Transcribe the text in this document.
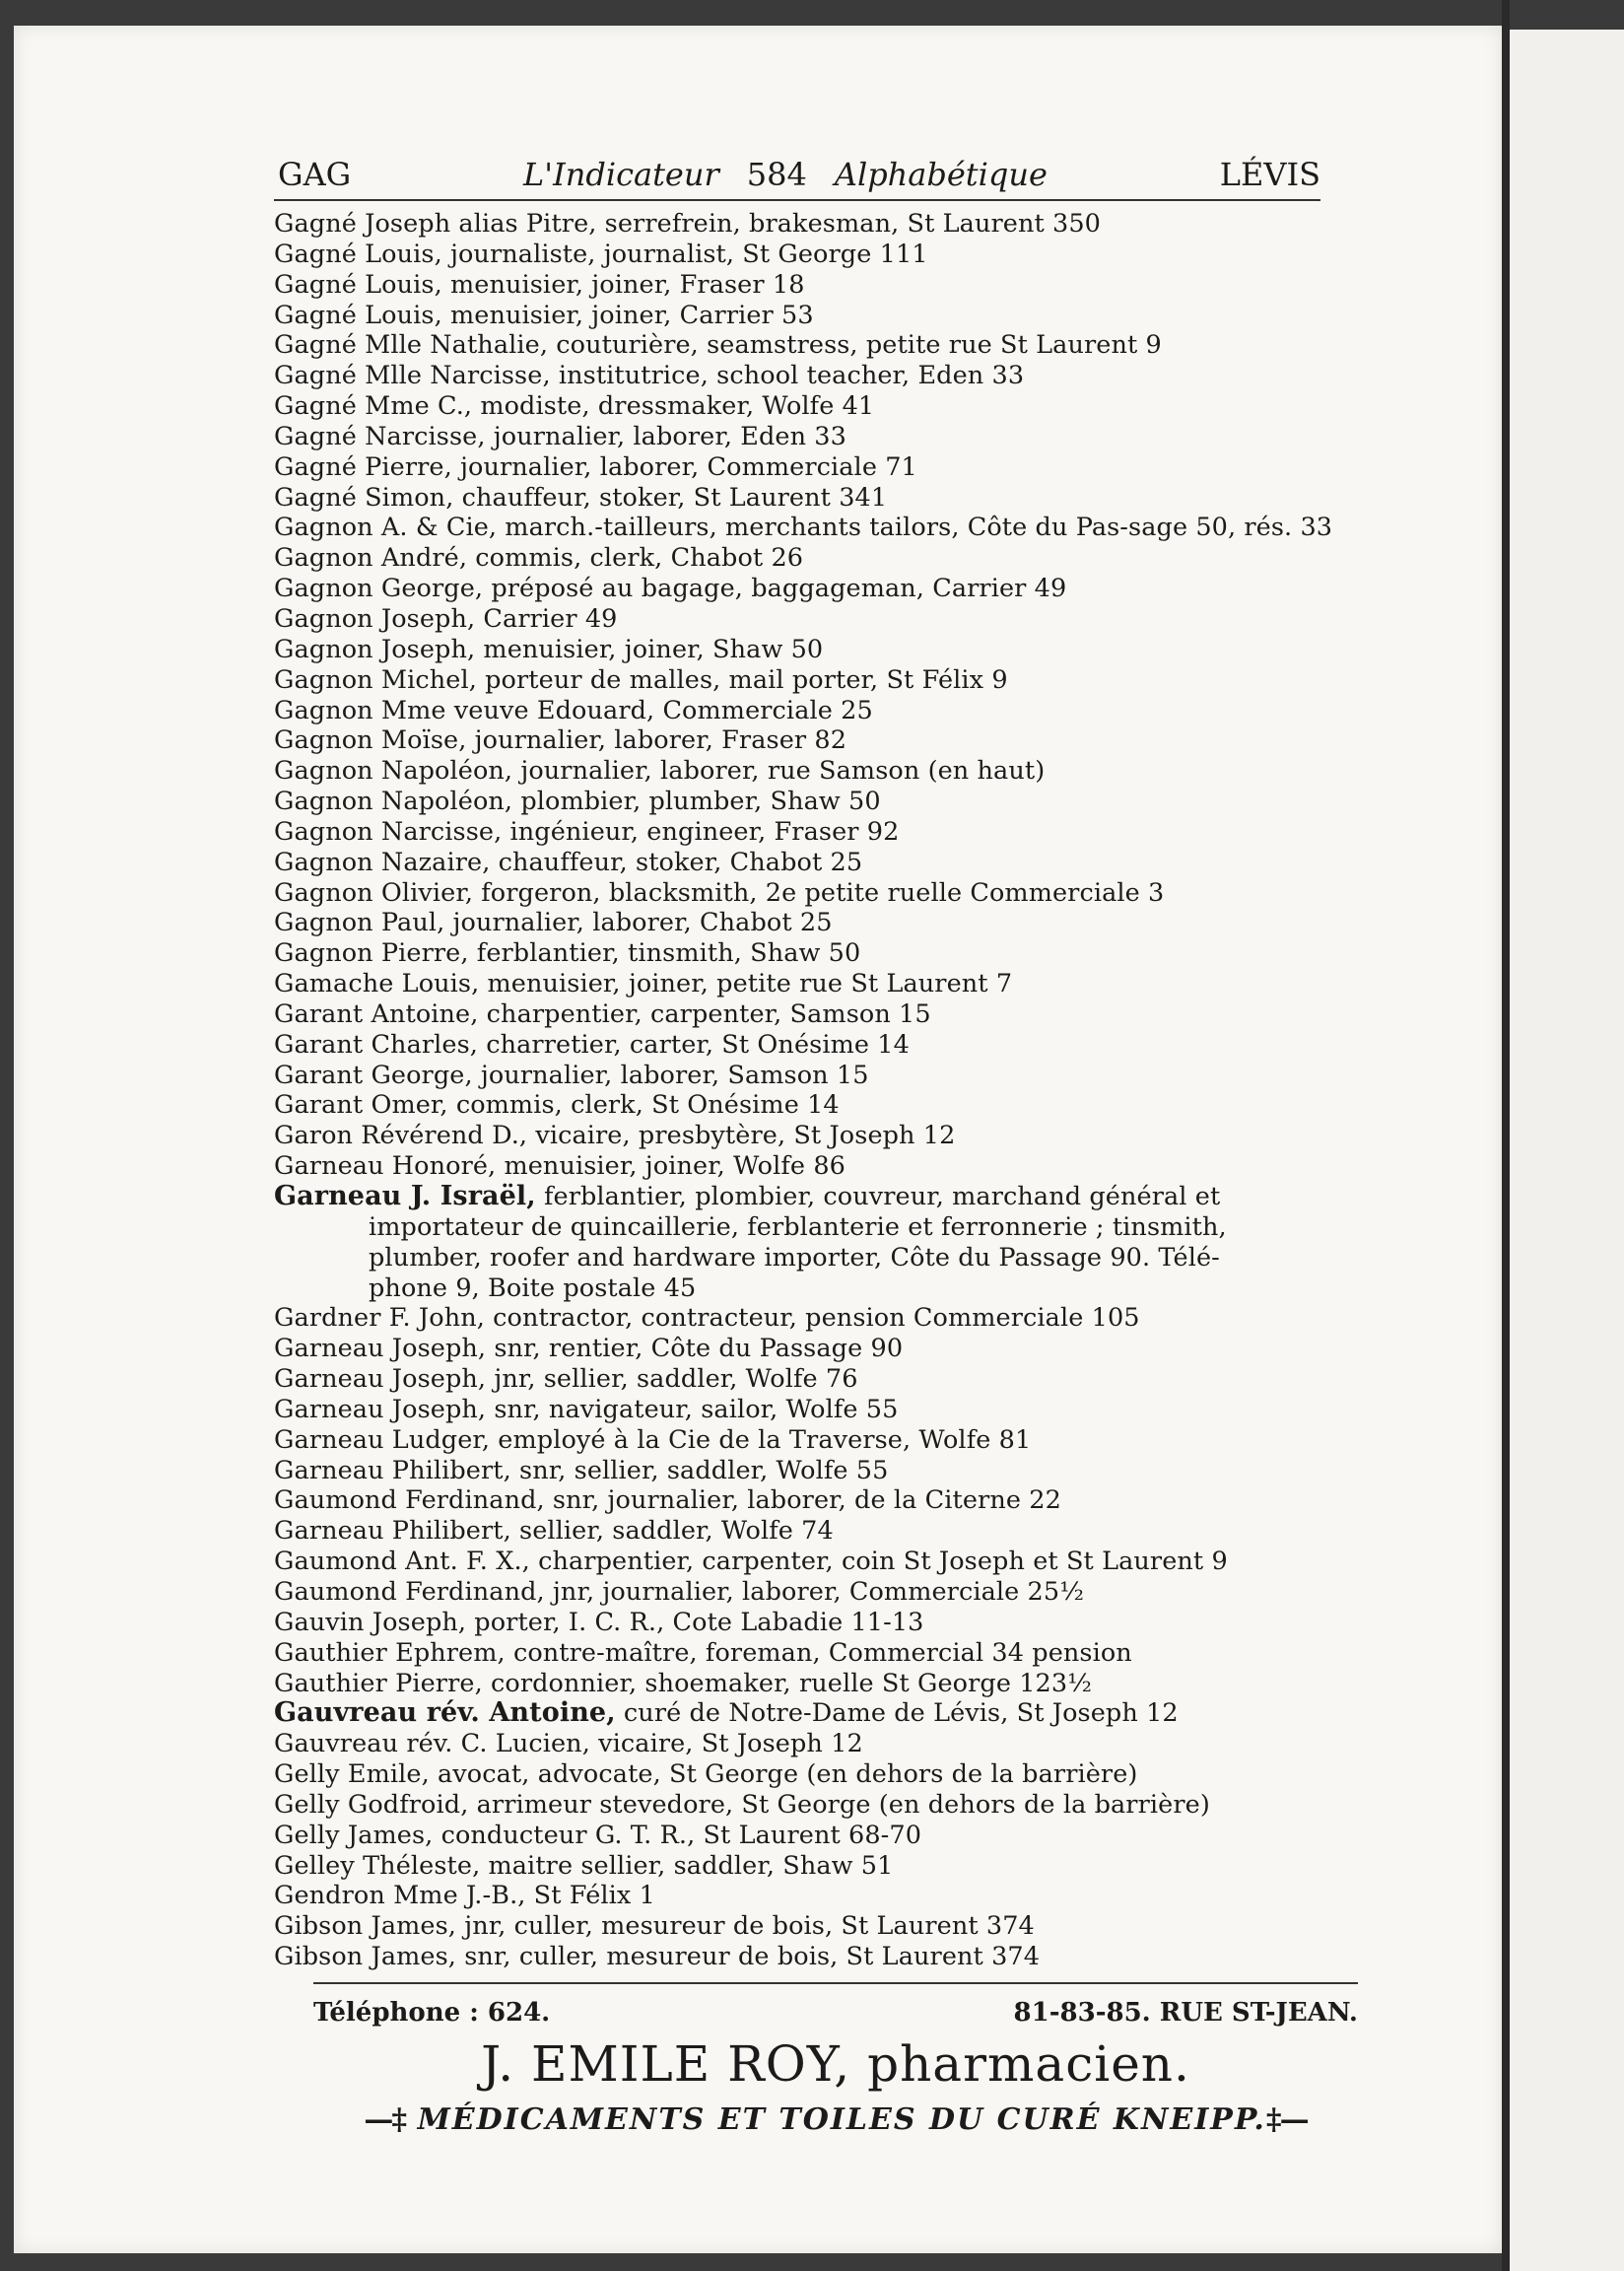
GAG	L'Indicateur 584 Alphabétique	LÉVIS
Gagné Joseph alias Pitre, serrefrein, brakesman, St Laurent 350
Gagné Louis, journaliste, journalist, St George 111
Gagné Louis, menuisier, joiner, Fraser 18
Gagné Louis, menuisier, joiner, Carrier 53
Gagné Mlle Nathalie, couturière, seamstress, petite rue St Laurent 9
Gagné Mlle Narcisse, institutrice, school teacher, Eden 33
Gagné Mme C., modiste, dressmaker, Wolfe 41
Gagné Narcisse, journalier, laborer, Eden 33
Gagné Pierre, journalier, laborer, Commerciale 71
Gagné Simon, chauffeur, stoker, St Laurent 341
Gagnon A. & Cie, march.-tailleurs, merchants tailors, Côte du Pas-sage 50, rés. 33
Gagnon André, commis, clerk, Chabot 26
Gagnon George, préposé au bagage, baggageman, Carrier 49
Gagnon Joseph, Carrier 49
Gagnon Joseph, menuisier, joiner, Shaw 50
Gagnon Michel, porteur de malles, mail porter, St Félix 9
Gagnon Mme veuve Edouard, Commerciale 25
Gagnon Moïse, journalier, laborer, Fraser 82
Gagnon Napoléon, journalier, laborer, rue Samson (en haut)
Gagnon Napoléon, plombier, plumber, Shaw 50
Gagnon Narcisse, ingénieur, engineer, Fraser 92
Gagnon Nazaire, chauffeur, stoker, Chabot 25
Gagnon Olivier, forgeron, blacksmith, 2e petite ruelle Commerciale 3
Gagnon Paul, journalier, laborer, Chabot 25
Gagnon Pierre, ferblantier, tinsmith, Shaw 50
Gamache Louis, menuisier, joiner, petite rue St Laurent 7
Garant Antoine, charpentier, carpenter, Samson 15
Garant Charles, charretier, carter, St Onésime 14
Garant George, journalier, laborer, Samson 15
Garant Omer, commis, clerk, St Onésime 14
Garon Révérend D., vicaire, presbytère, St Joseph 12
Garneau Honoré, menuisier, joiner, Wolfe 86
Garneau J. Israël, ferblantier, plombier, couvreur, marchand général et
importateur de quincaillerie, ferblanterie et ferronnerie ; tinsmith,
plumber, roofer and hardware importer, Côte du Passage 90. Télé-
phone 9, Boite postale 45
Gardner F. John, contractor, contracteur, pension Commerciale 105
Garneau Joseph, snr, rentier, Côte du Passage 90
Garneau Joseph, jnr, sellier, saddler, Wolfe 76
Garneau Joseph, snr, navigateur, sailor, Wolfe 55
Garneau Ludger, employé à la Cie de la Traverse, Wolfe 81
Garneau Philibert, snr, sellier, saddler, Wolfe 55
Gaumond Ferdinand, snr, journalier, laborer, de la Citerne 22
Garneau Philibert, sellier, saddler, Wolfe 74
Gaumond Ant. F. X., charpentier, carpenter, coin St Joseph et St Laurent 9
Gaumond Ferdinand, jnr, journalier, laborer, Commerciale 25½
Gauvin Joseph, porter, I. C. R., Cote Labadie 11-13
Gauthier Ephrem, contre-maître, foreman, Commercial 34 pension
Gauthier Pierre, cordonnier, shoemaker, ruelle St George 123½
Gauvreau rév. Antoine, curé de Notre-Dame de Lévis, St Joseph 12
Gauvreau rév. C. Lucien, vicaire, St Joseph 12
Gelly Emile, avocat, advocate, St George (en dehors de la barrière)
Gelly Godfroid, arrimeur stevedore, St George (en dehors de la barrière)
Gelly James, conducteur G. T. R., St Laurent 68-70
Gelley Théleste, maitre sellier, saddler, Shaw 51
Gendron Mme J.-B., St Félix 1
Gibson James, jnr, culler, mesureur de bois, St Laurent 374
Gibson James, snr, culler, mesureur de bois, St Laurent 374
Téléphone : 624.	81-83-85. RUE ST-JEAN.
J. EMILE ROY, pharmacien.
—‡ MÉDICAMENTS ET TOILES DU CURÉ KNEIPP.‡—
